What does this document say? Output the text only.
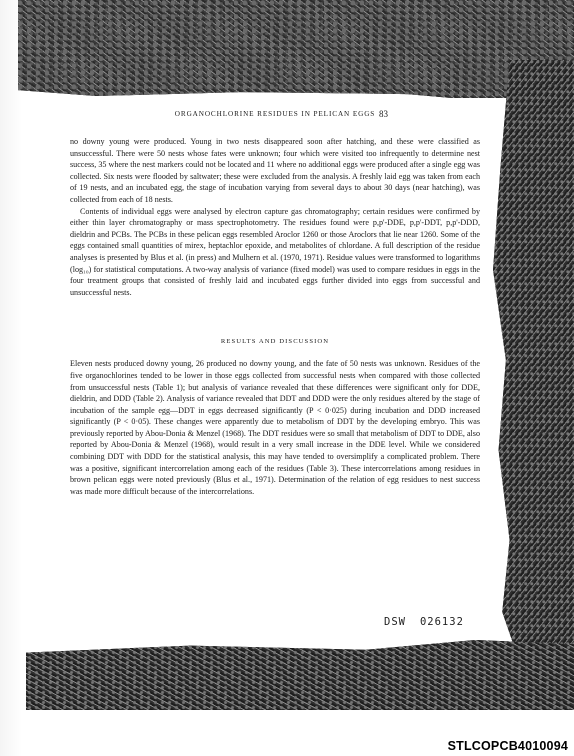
ORGANOCHLORINE RESIDUES IN PELICAN EGGS 83

no downy young were produced. Young in two nests disappeared soon after hatching, and these were classified as unsuccessful. There were 50 nests whose fates were unknown; four which were visited too infrequently to determine nest success, 35 where the nest markers could not be located and 11 where no additional eggs were produced after a single egg was collected. Six nests were flooded by saltwater; these were excluded from the analysis. A freshly laid egg was taken from each of 19 nests, and an incubated egg, the stage of incubation varying from several days to about 30 days (near hatching), was collected from each of 18 nests.

Contents of individual eggs were analysed by electron capture gas chromatography; certain residues were confirmed by either thin layer chromatography or mass spectrophotometry. The residues found were p,p'-DDE, p,p'-DDT, p,p'-DDD, dieldrin and PCBs. The PCBs in these pelican eggs resembled Aroclor 1260 or those Aroclors that lie near 1260. Some of the eggs contained small quantities of mirex, heptachlor epoxide, and metabolites of chlordane. A full description of the residue analyses is presented by Blus et al. (in press) and Mulhern et al. (1970, 1971). Residue values were transformed to logarithms (log₁₀) for statistical computations. A two-way analysis of variance (fixed model) was used to compare residues in eggs in the four treatment groups that consisted of freshly laid and incubated eggs further divided into eggs from successful and unsuccessful nests.

RESULTS AND DISCUSSION

Eleven nests produced downy young, 26 produced no downy young, and the fate of 50 nests was unknown. Residues of the five organochlorines tended to be lower in those eggs collected from successful nests when compared with those collected from unsuccessful nests (Table 1); but analysis of variance revealed that these differences were significant only for DDE, dieldrin, and DDD (Table 2). Analysis of variance revealed that DDT and DDD were the only residues altered by the stage of incubation of the sample egg—DDT in eggs decreased significantly (P < 0·025) during incubation and DDD increased significantly (P < 0·05). These changes were apparently due to metabolism of DDT by the developing embryo. This was previously reported by Abou-Donia & Menzel (1968). The DDT residues were so small that metabolism of DDT to DDE, also reported by Abou-Donia & Menzel (1968), would result in a very small increase in the DDE level. While we considered combining DDT with DDD for the statistical analysis, this may have tended to oversimplify a complicated problem. There was a positive, significant intercorrelation among each of the residues (Table 3). These intercorrelations among residues in brown pelican eggs were noted previously (Blus et al., 1971). Determination of the relation of egg residues to nest success was made more difficult because of the intercorrelations.

DSW 026132
STLCOPCB4010094
